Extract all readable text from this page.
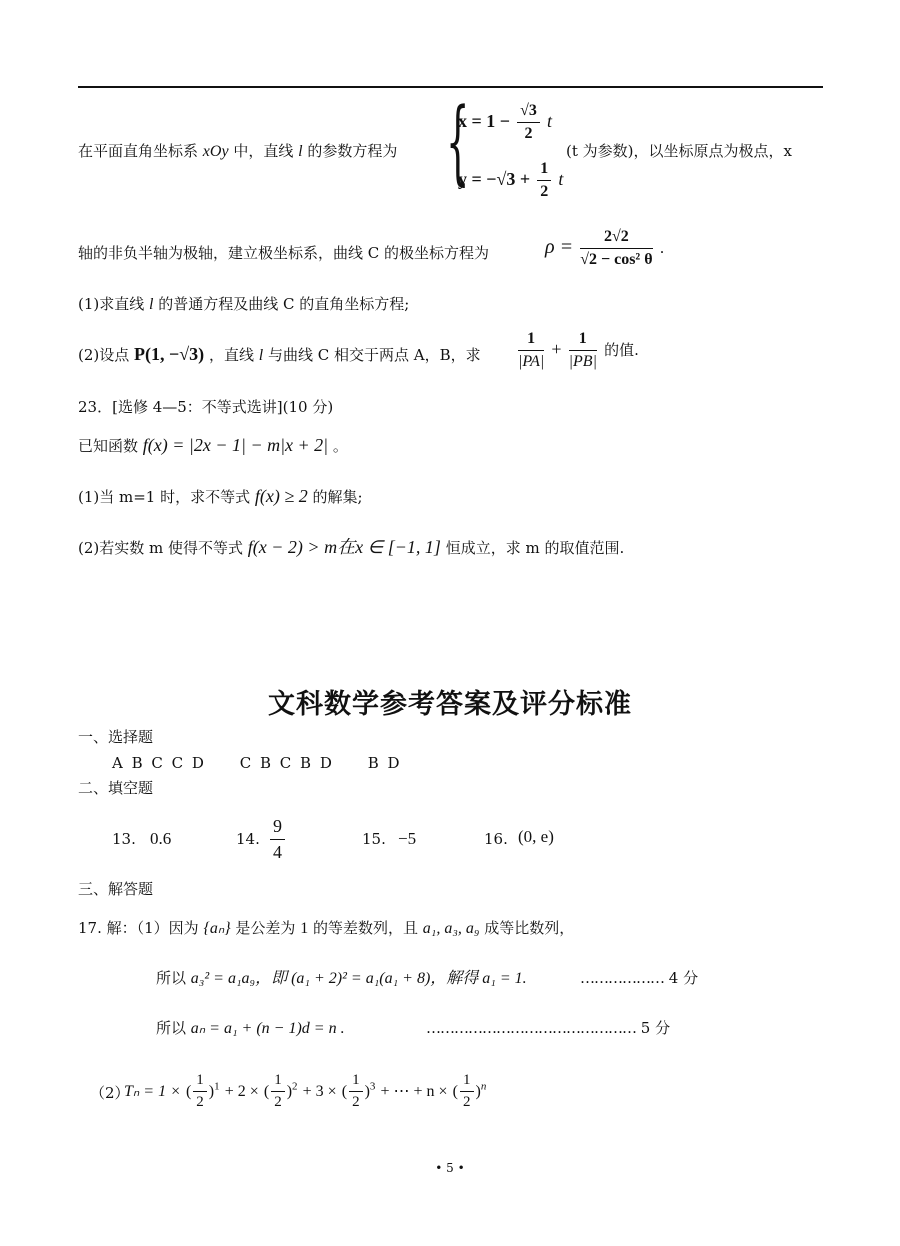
在平面直角坐标系 xOy 中，直线 l 的参数方程为 {
$x = 1 - \frac{√3}{2}$ t
$y = -√3 + \frac{1}{2}$ t
(t 为参数)，以坐标原点为极点，x
轴的非负半轴为极轴，建立极坐标系，曲线 C 的极坐标方程为	$\rho = \frac{2√2}{\text{√2 − cos² θ}}$ .
(1)求直线 l 的普通方程及曲线 C 的直角坐标方程;
(2)设点 P(1, −√3) ，直线 l 与曲线 C 相交于两点 A，B，求 $\frac{1}{|PA|} + \frac{1}{|PB|}$ 的值.
23．[选修 4—5：不等式选讲](10 分)
已知函数 f(x) = |2x − 1| − m|x + 2| 。
(1)当 m=1 时，求不等式 f(x) ≥ 2 的解集;
(2)若实数 m 使得不等式 f(x − 2) > m在x ∈ [−1, 1] 恒成立，求 m 的取值范围.
文科数学参考答案及评分标准
一、选择题
A B C C D     C B C B D     B D
二、填空题
13. 0.6	14. $\frac{9}{4}$	15. −5	16. (0, e)
三、解答题
17. 解：（1）因为 {aₙ} 是公差为 1 的等差数列，且 a₁, a₃, a₉ 成等比数列，
所以 a₃² = a₁a₉，即 (a₁ + 2)² = a₁(a₁ + 8)，解得 a₁ = 1.	……………… 4 分
所以 aₙ = a₁ + (n − 1)d = n .	……………………………………… 5 分
（2）
Tₙ = 1 × ( $\frac{1}{2} )^1 + 2$ × ( $\frac{1}{2} )^2 + 3$ × ( $\frac{1}{2} )^3$ + ⋯ + n × ( $\frac{1}{2} )^n$
• 5 •
